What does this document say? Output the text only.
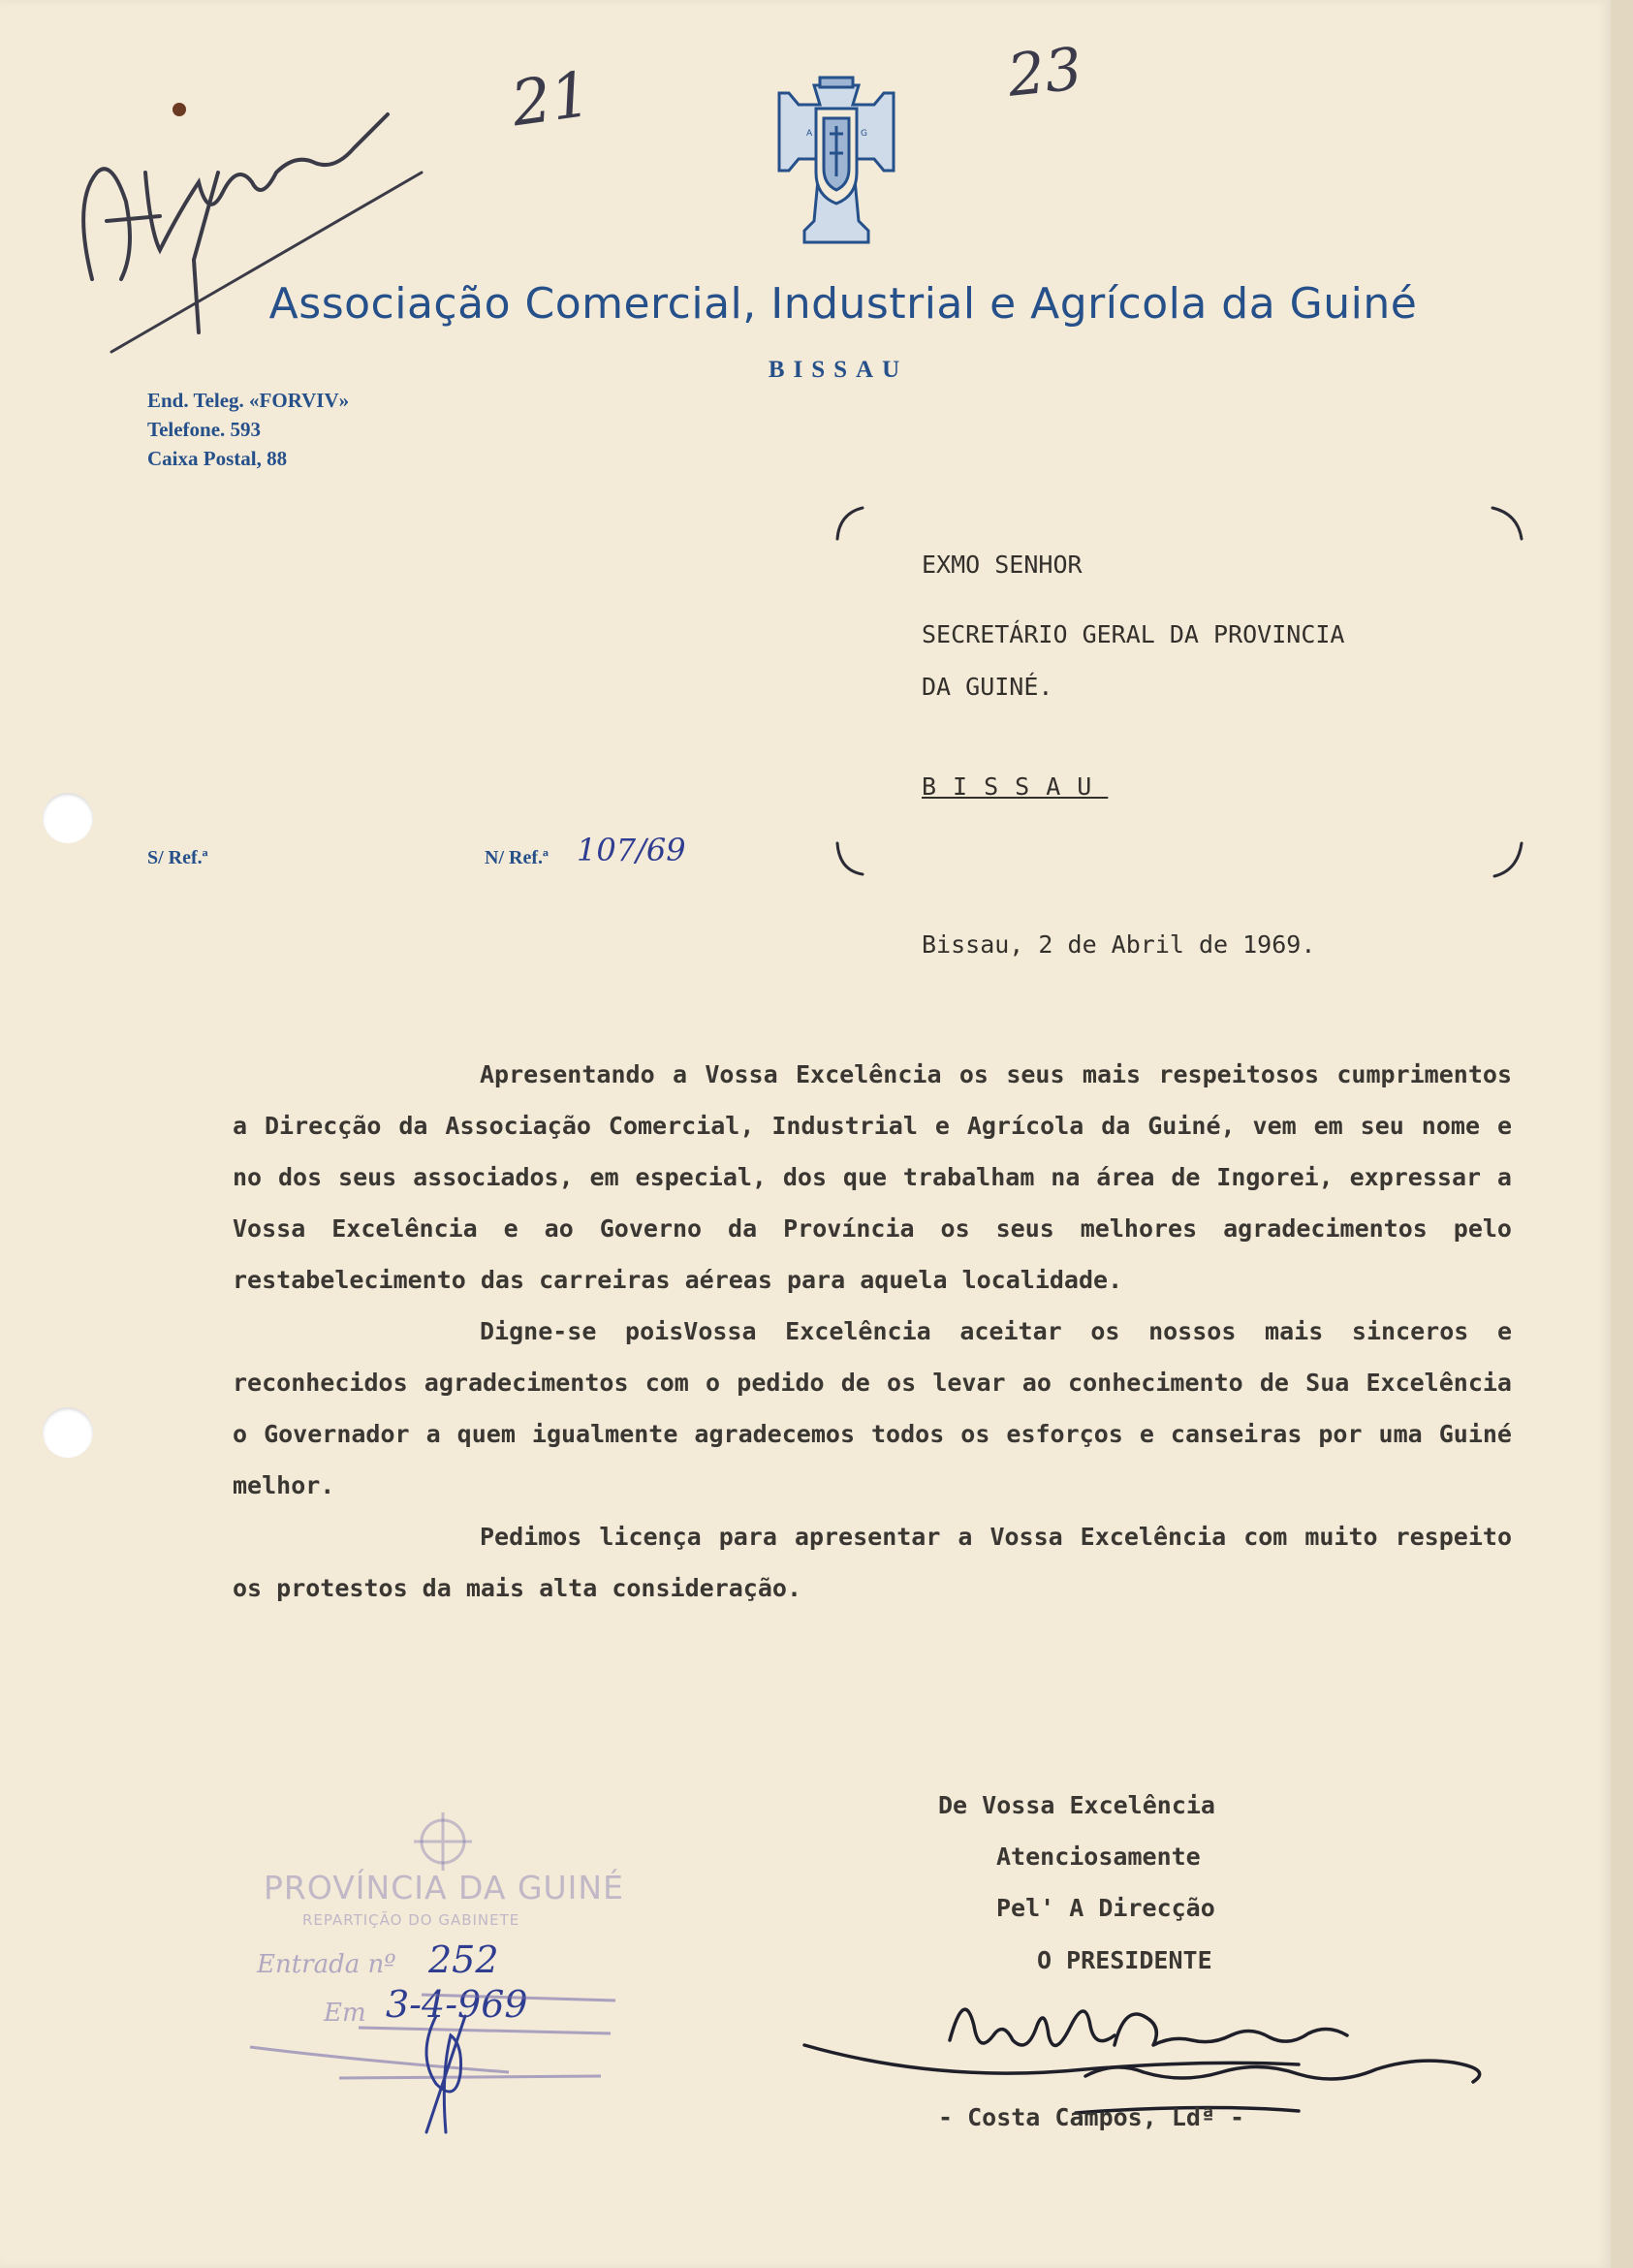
21	23
A	G
Associação Comercial, Industrial e Agrícola da Guiné
BISSAU
End. Teleg. «FORVIV»
Telefone. 593
Caixa Postal, 88
EXMO SENHOR
SECRETÁRIO GERAL DA PROVINCIA
DA GUINÉ.
BISSAU
S/ Ref.ª	N/ Ref.ª 107/69
Bissau, 2 de Abril de 1969.

Apresentando a Vossa Excelência os seus mais respeitosos cumprimentos a Direcção da Associação Comercial, Industrial e Agrícola da Guiné, vem em seu nome e no dos seus associados, em especial, dos que trabalham na área de Ingorei, expressar a Vossa Excelência e ao Governo da Província os seus melhores agradecimentos pelo restabelecimento das carreiras aéreas para aquela localidade.

Digne-se poisVossa Excelência aceitar os nossos mais sinceros e reconhecidos agradecimentos com o pedido de os levar ao conhecimento de Sua Excelência o Governador a quem igualmente agradecemos todos os esforços e canseiras por uma Guiné melhor.

Pedimos licença para apresentar a Vossa Excelência com muito respeito os protestos da mais alta consideração.

De Vossa Excelência
Atenciosamente
Pel' A Direcção
O PRESIDENTE
- Costa Campos, Ldª -
PROVÍNCIA DA GUINÉ
REPARTIÇÃO DO GABINETE
Entrada nº 252
Em 3-4-969
